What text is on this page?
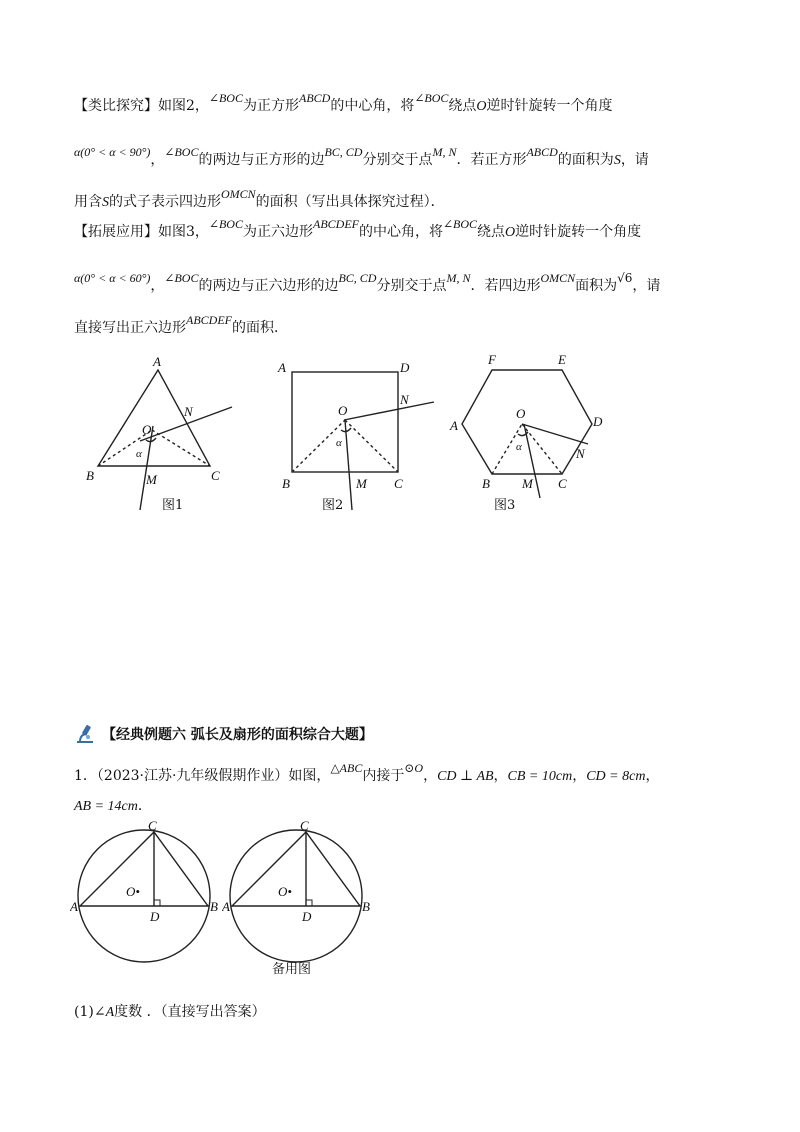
【类比探究】如图2，∠BOC为正方形ABCD的中心角，将∠BOC绕点O逆时针旋转一个角度
α(0° < α < 90°)，∠BOC的两边与正方形的边BC, CD分别交于点M, N．若正方形ABCD的面积为S，请
用含S的式子表示四边形OMCN的面积（写出具体探究过程）．
【拓展应用】如图3，∠BOC为正六边形ABCDEF的中心角，将∠BOC绕点O逆时针旋转一个角度
α(0° < α < 60°)，∠BOC的两边与正六边形的边BC, CD分别交于点M, N．若四边形OMCN面积为√6，请
直接写出正六边形ABCDEF的面积．
A
B	C
O
N
M
α
图1
A	D
B	C
O
N
M
α
图2
F	E
A	D
B	C
O
N
M
α
图3
【经典例题六 弧长及扇形的面积综合大题】
1．（2023·江苏·九年级假期作业）如图，△ABC内接于⊙O，CD ⊥ AB，CB = 10cm，CD = 8cm，
AB = 14cm．
A	B
C
D
O•
A	B
C
D
O•
备用图
(1)∠A度数 ．（直接写出答案）
